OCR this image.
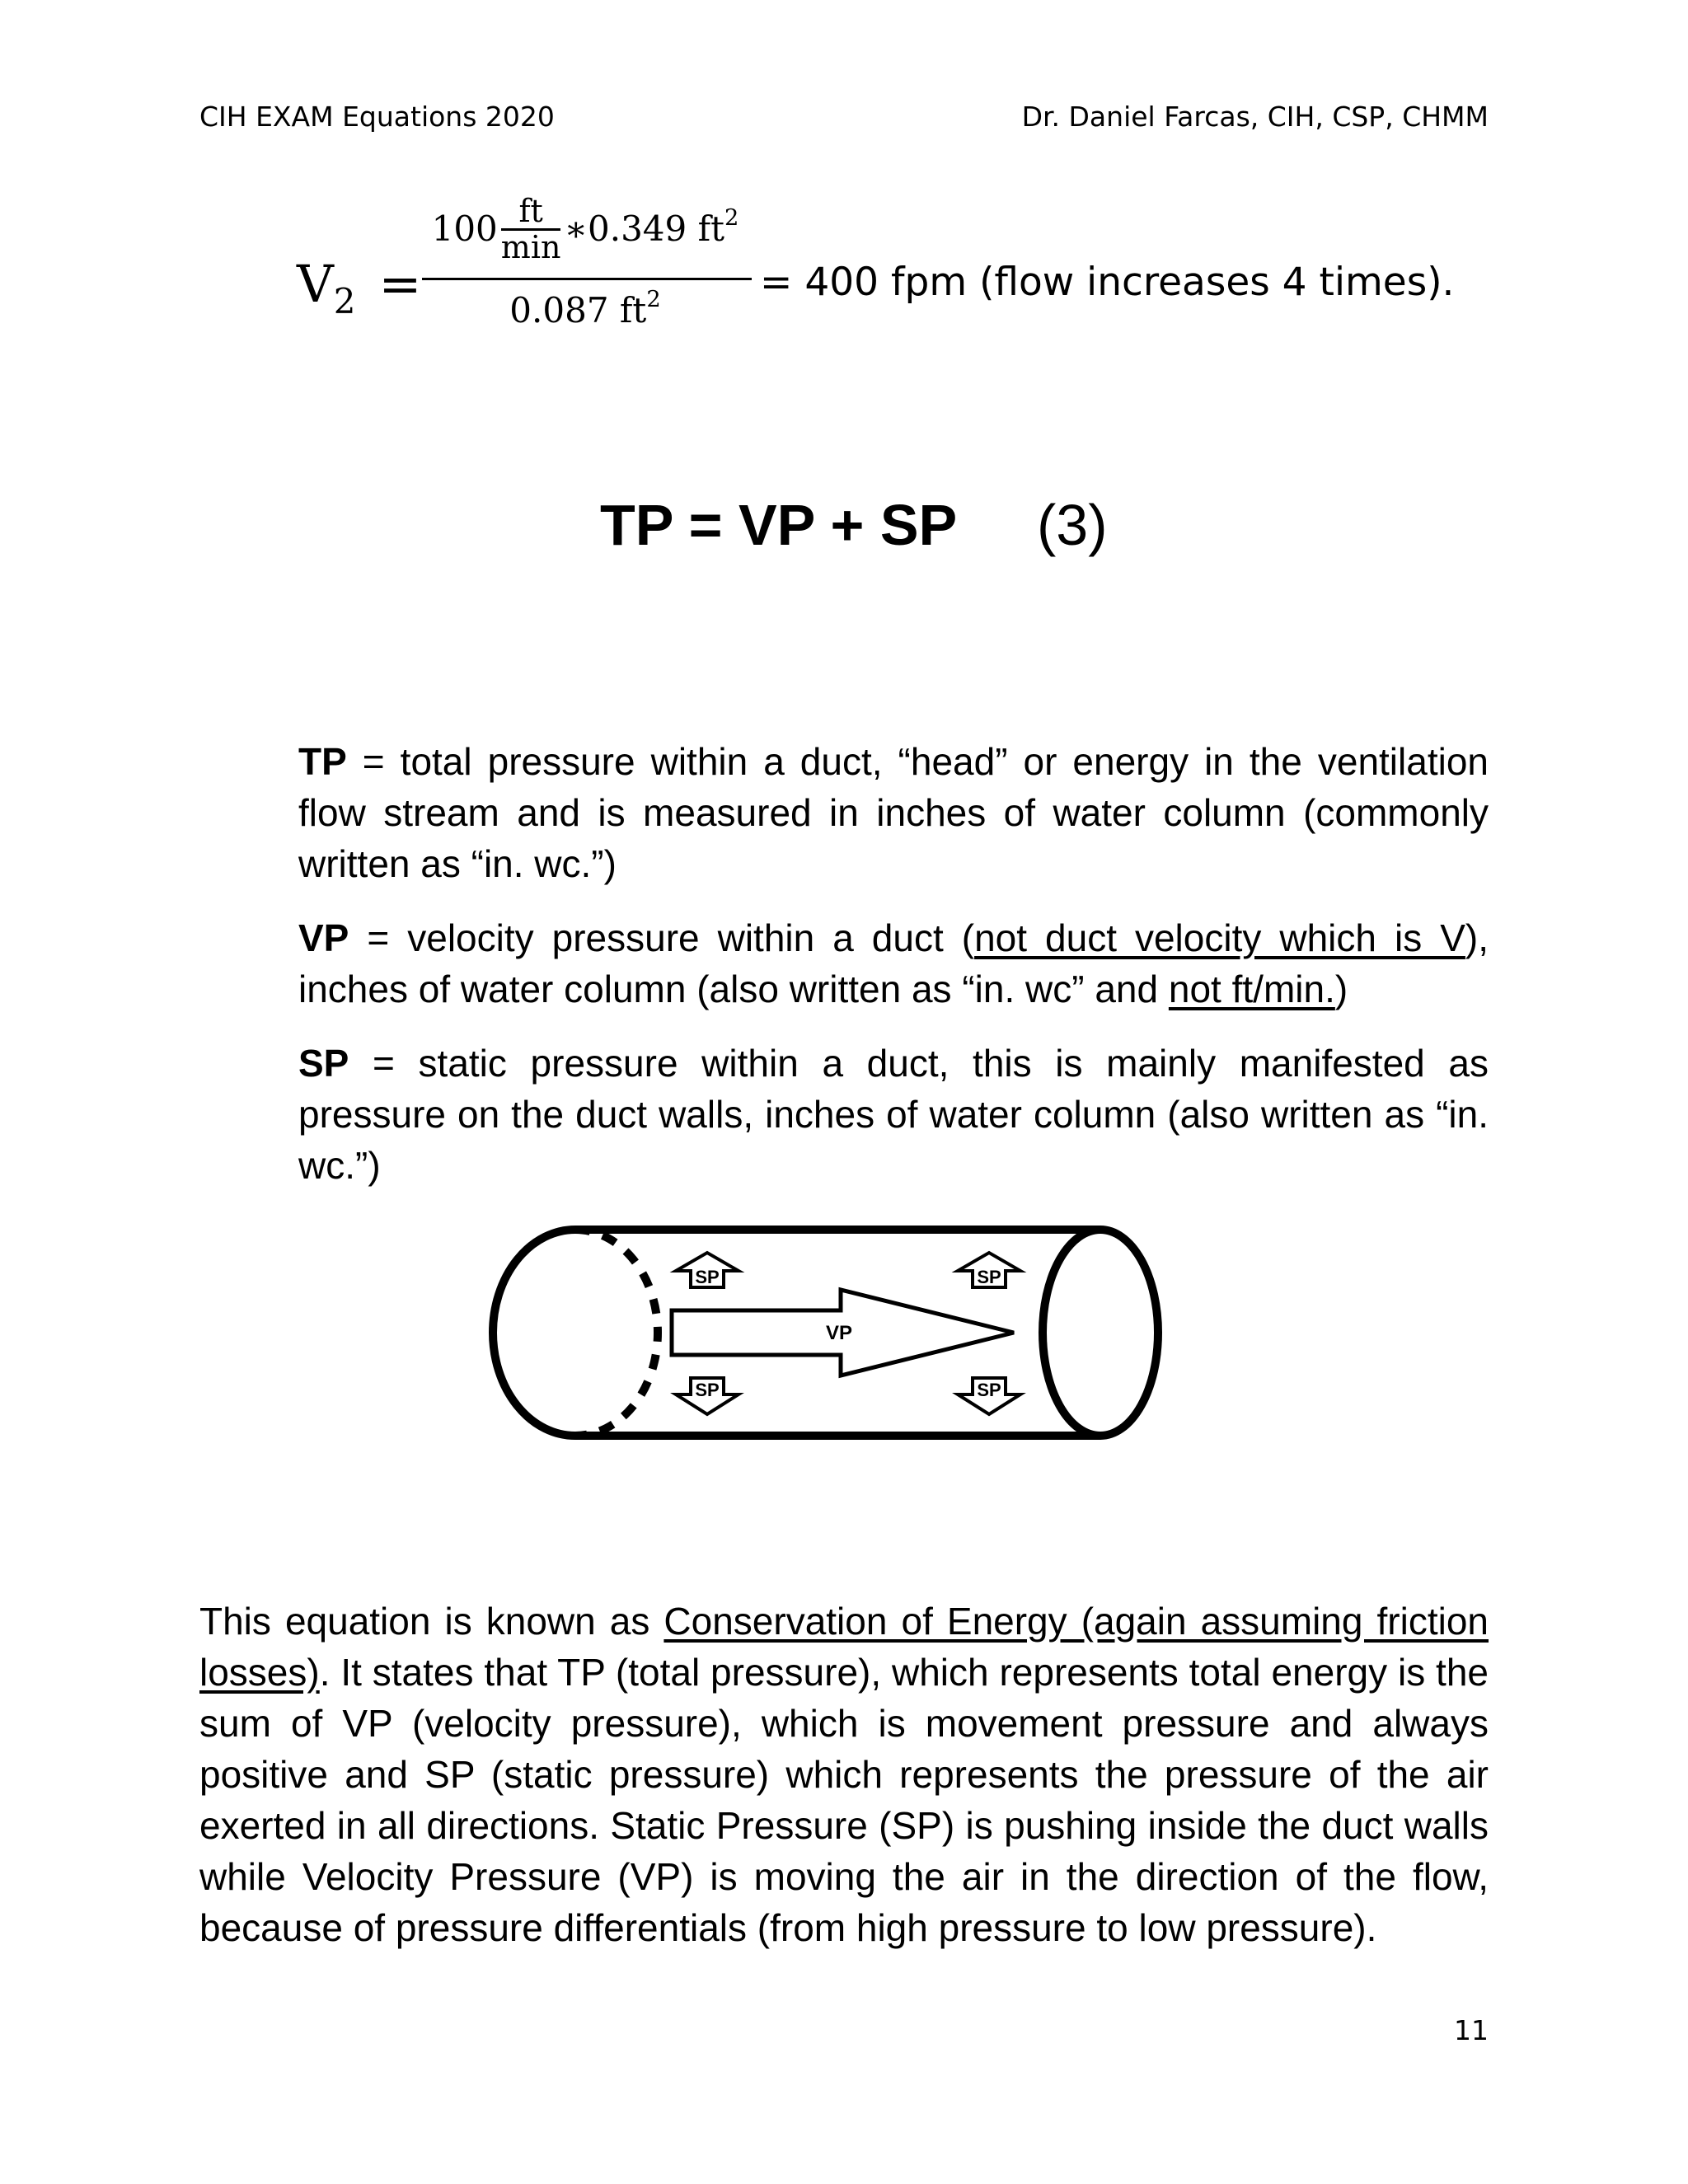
CIH EXAM Equations 2020	Dr. Daniel Farcas, CIH, CSP, CHMM
$V_2$ =
$100 \frac{ft}{\min}$ ∗0.349 $ft^2$
0.087 $ft^2$	= 400 fpm (flow increases 4 times).
TP = VP + SP (3)

TP = total pressure within a duct, “head” or energy in the ventilation flow stream and is measured in inches of water column (commonly written as “in. wc.”)

VP = velocity pressure within a duct (not duct velocity which is V), inches of water column (also written as “in. wc” and not ft/min.)

SP = static pressure within a duct, this is mainly manifested as pressure on the duct walls, inches of water column (also written as “in. wc.”)

VP
SP	SP
SP	SP

This equation is known as Conservation of Energy (again assuming friction losses). It states that TP (total pressure), which represents total energy is the sum of VP (velocity pressure), which is movement pressure and always positive and SP (static pressure) which represents the pressure of the air exerted in all directions. Static Pressure (SP) is pushing inside the duct walls while Velocity Pressure (VP) is moving the air in the direction of the flow, because of pressure differentials (from high pressure to low pressure).

11
